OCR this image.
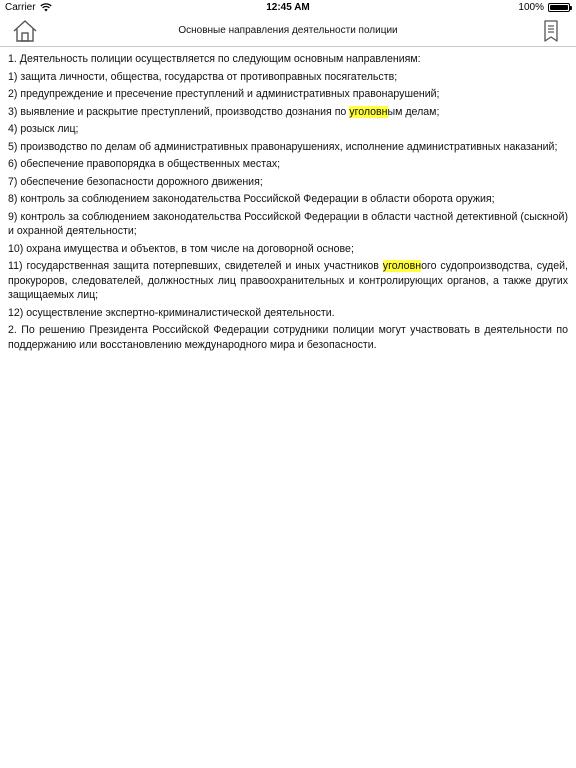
Carrier	12:45 AM	100%
Основные направления деятельности полиции

1. Деятельность полиции осуществляется по следующим основным направлениям:

1) защита личности, общества, государства от противоправных посягательств;

2) предупреждение и пресечение преступлений и административных правонарушений;

3) выявление и раскрытие преступлений, производство дознания по уголовным делам;

4) розыск лиц;

5) производство по делам об административных правонарушениях, исполнение административных наказаний;

6) обеспечение правопорядка в общественных местах;

7) обеспечение безопасности дорожного движения;

8) контроль за соблюдением законодательства Российской Федерации в области оборота оружия;

9) контроль за соблюдением законодательства Российской Федерации в области частной детективной (сыскной) и охранной деятельности;

10) охрана имущества и объектов, в том числе на договорной основе;

11) государственная защита потерпевших, свидетелей и иных участников уголовного судопроизводства, судей, прокуроров, следователей, должностных лиц правоохранительных и контролирующих органов, а также других защищаемых лиц;

12) осуществление экспертно-криминалистической деятельности.

2. По решению Президента Российской Федерации сотрудники полиции могут участвовать в деятельности по поддержанию или восстановлению международного мира и безопасности.
